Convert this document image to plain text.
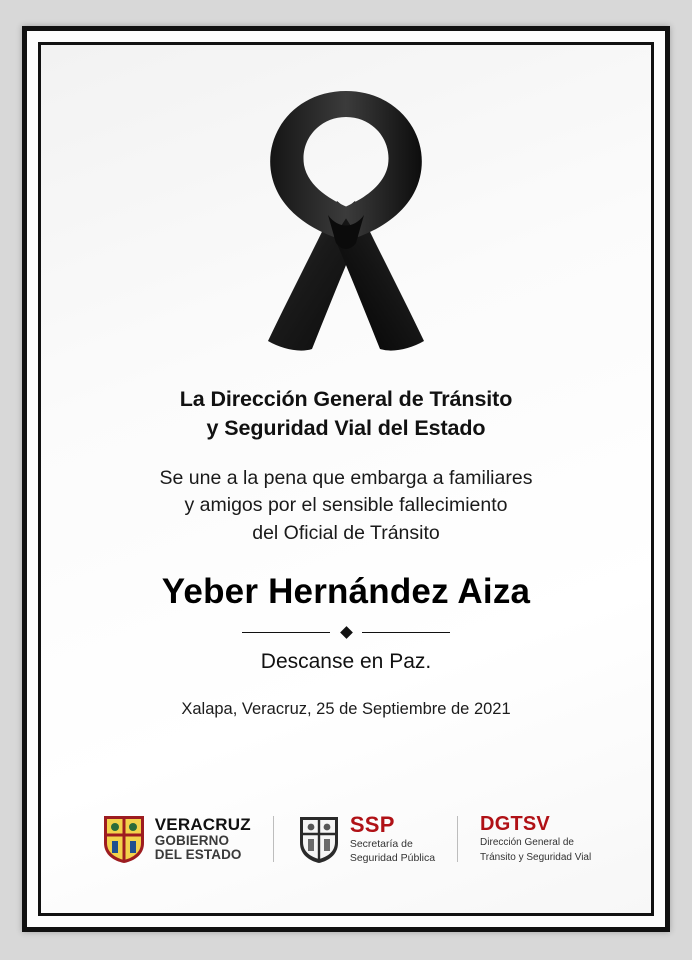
La Dirección General de Tránsito
y Seguridad Vial del Estado
Se une a la pena que embarga a familiares
y amigos por el sensible fallecimiento
del Oficial de Tránsito
Yeber Hernández Aiza
Descanse en Paz.
Xalapa, Veracruz, 25 de Septiembre de 2021
VERACRUZ
GOBIERNO
DEL ESTADO
SSP
Secretaría de
Seguridad Pública
DGTSV
Dirección General de
Tránsito y Seguridad Vial
